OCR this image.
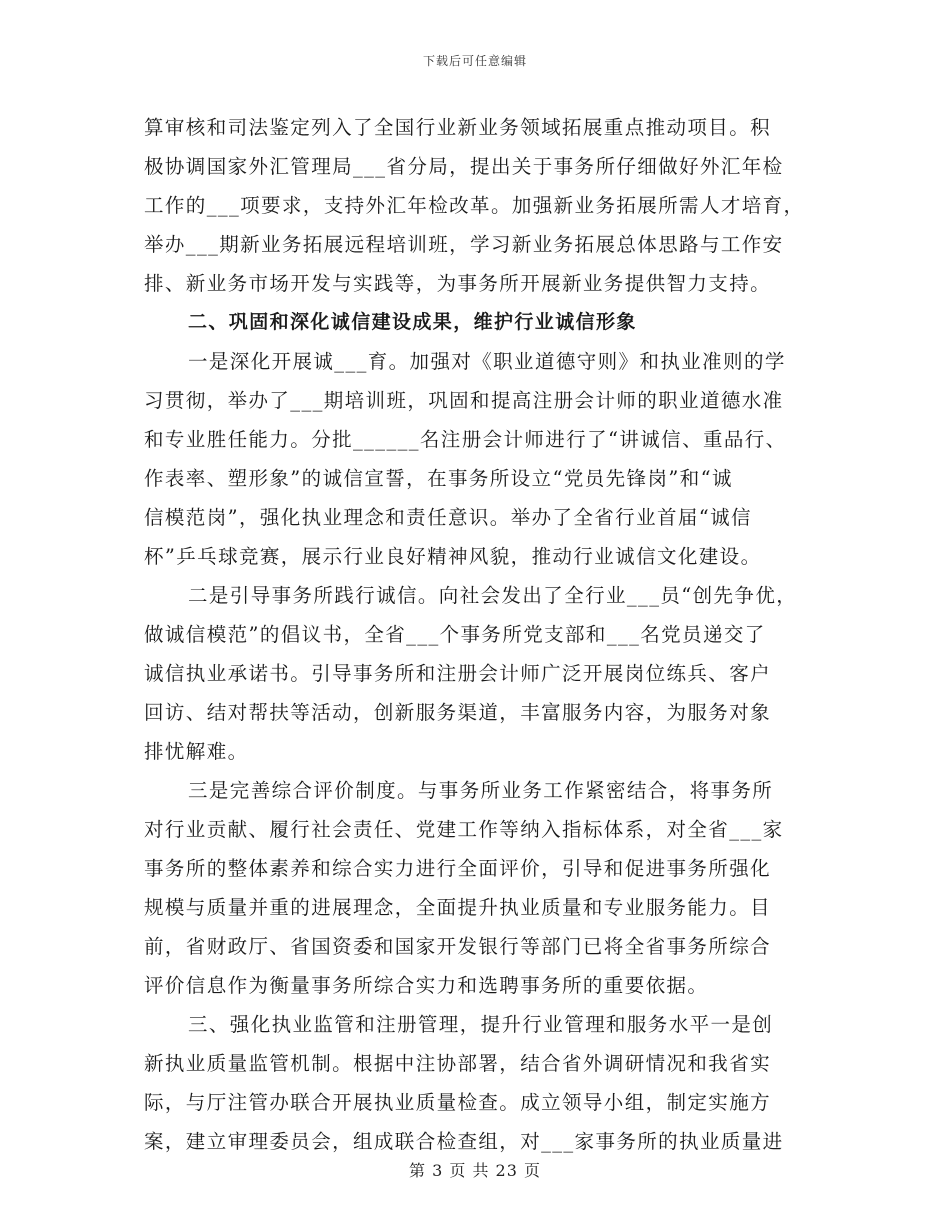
下载后可任意编辑
算审核和司法鉴定列入了全国行业新业务领域拓展重点推动项目。积
极协调国家外汇管理局___省分局，提出关于事务所仔细做好外汇年检
工作的___项要求，支持外汇年检改革。加强新业务拓展所需人才培育，
举办___期新业务拓展远程培训班，学习新业务拓展总体思路与工作安
排、新业务市场开发与实践等，为事务所开展新业务提供智力支持。
二、巩固和深化诚信建设成果，维护行业诚信形象
一是深化开展诚___育。加强对《职业道德守则》和执业准则的学
习贯彻，举办了___期培训班，巩固和提高注册会计师的职业道德水准
和专业胜任能力。分批______名注册会计师进行了“讲诚信、重品行、
作表率、塑形象”的诚信宣誓，在事务所设立“党员先锋岗”和“诚
信模范岗”，强化执业理念和责任意识。举办了全省行业首届“诚信
杯”乒乓球竞赛，展示行业良好精神风貌，推动行业诚信文化建设。
二是引导事务所践行诚信。向社会发出了全行业___员“创先争优，
做诚信模范”的倡议书，全省___个事务所党支部和___名党员递交了
诚信执业承诺书。引导事务所和注册会计师广泛开展岗位练兵、客户
回访、结对帮扶等活动，创新服务渠道，丰富服务内容，为服务对象
排忧解难。
三是完善综合评价制度。与事务所业务工作紧密结合，将事务所
对行业贡献、履行社会责任、党建工作等纳入指标体系，对全省___家
事务所的整体素养和综合实力进行全面评价，引导和促进事务所强化
规模与质量并重的进展理念，全面提升执业质量和专业服务能力。目
前，省财政厅、省国资委和国家开发银行等部门已将全省事务所综合
评价信息作为衡量事务所综合实力和选聘事务所的重要依据。
三、强化执业监管和注册管理，提升行业管理和服务水平一是创
新执业质量监管机制。根据中注协部署，结合省外调研情况和我省实
际，与厅注管办联合开展执业质量检查。成立领导小组，制定实施方
案，建立审理委员会，组成联合检查组，对___家事务所的执业质量进
第 3 页 共 23 页
